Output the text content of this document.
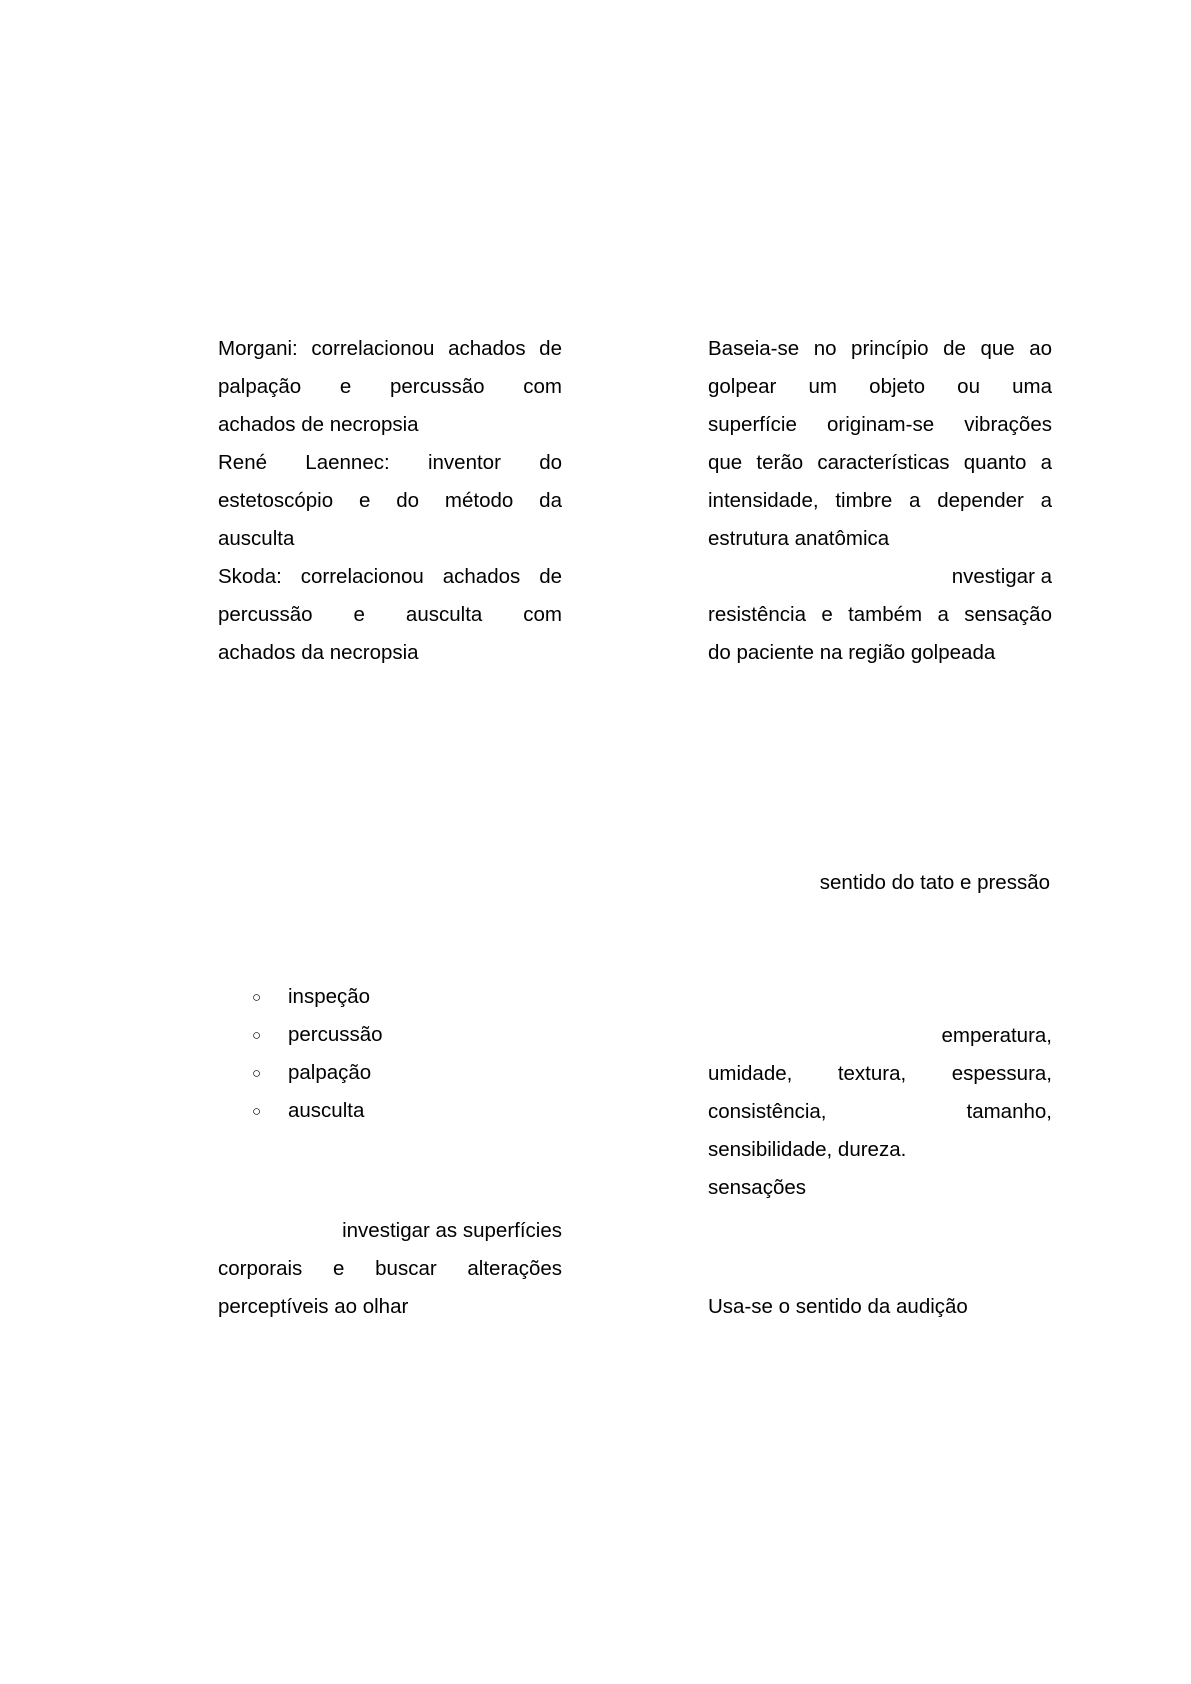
Morgani: correlacionou achados de
palpação e percussão com
achados de necropsia
René Laennec: inventor do
estetoscópio e do método da
ausculta
Skoda: correlacionou achados de
percussão e ausculta com
achados da necropsia
○ inspeção
○ percussão
○ palpação
○ ausculta
investigar as superfícies
corporais e buscar alterações
perceptíveis ao olhar
Baseia-se no princípio de que ao
golpear um objeto ou uma
superfície originam-se vibrações
que terão características quanto a
intensidade, timbre a depender a
estrutura anatômica
nvestigar a
resistência e também a sensação
do paciente na região golpeada
sentido do tato e pressão
emperatura,
umidade, textura, espessura,
consistência, tamanho,
sensibilidade, dureza.
sensações
Usa-se o sentido da audição
